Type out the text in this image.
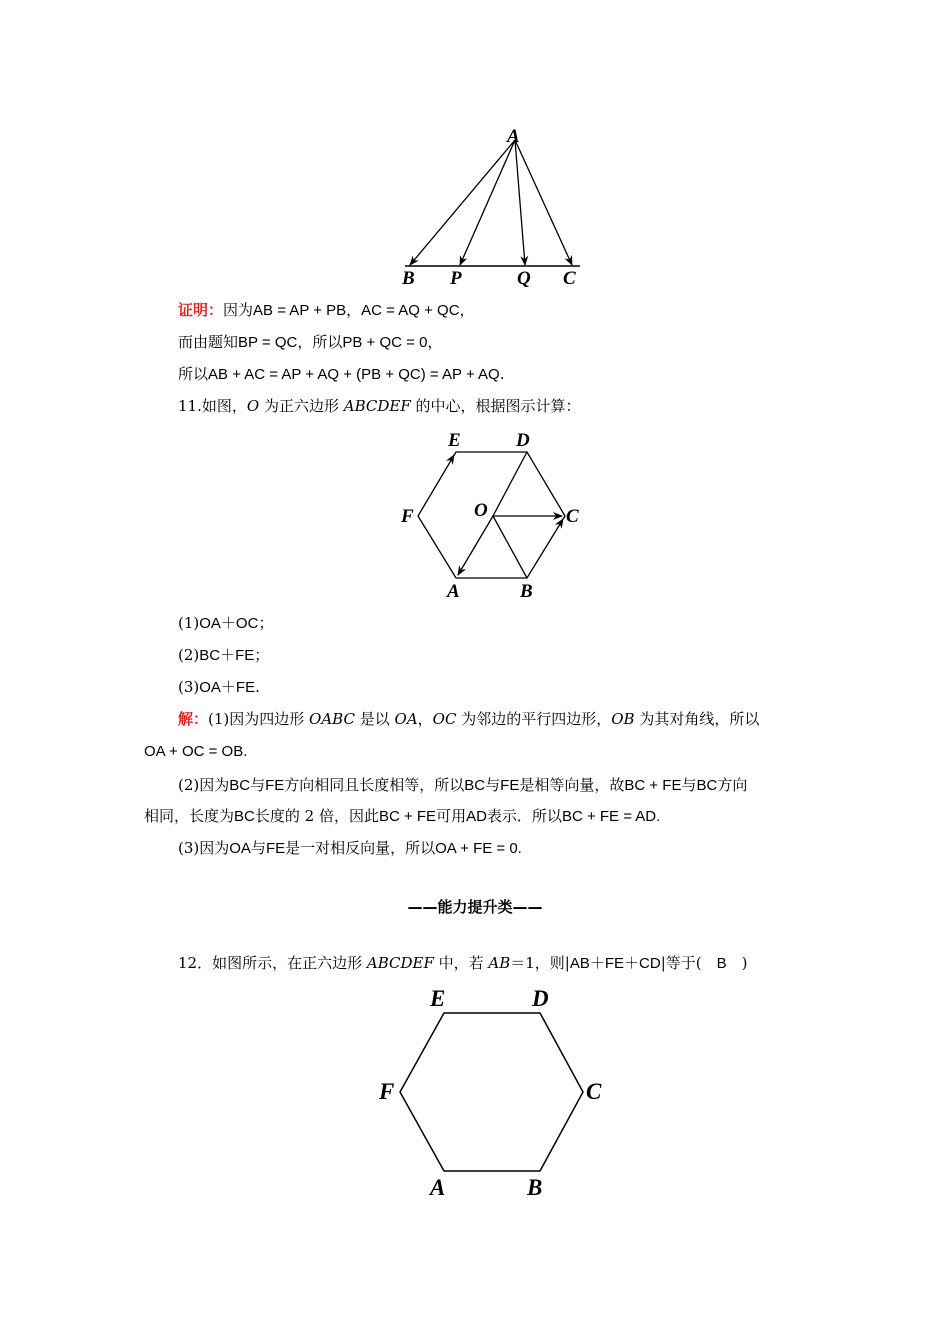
A
B P	Q C
证明：因为AB = AP + PB，AC = AQ + QC，
而由题知BP = QC，所以PB + QC = 0，
所以AB + AC = AP + AQ + (PB + QC) = AP + AQ.
11.如图，O 为正六边形 ABCDEF 的中心，根据图示计算：
E	D
F	O	C
A	B
(1)OA＋OC；
(2)BC＋FE；
(3)OA＋FE.
解：(1)因为四边形 OABC 是以 OA，OC 为邻边的平行四边形，OB 为其对角线，所以
OA + OC = OB.
(2)因为BC与FE方向相同且长度相等，所以BC与FE是相等向量，故BC + FE与BC方向
相同，长度为BC长度的 2 倍，因此BC + FE可用AD表示．所以BC + FE = AD.
(3)因为OA与FE是一对相反向量，所以OA + FE = 0.
——能力提升类——
12．如图所示，在正六边形 ABCDEF 中，若 AB＝1，则|AB＋FE＋CD|等于(　B　)
E	D
F	C
A	B
